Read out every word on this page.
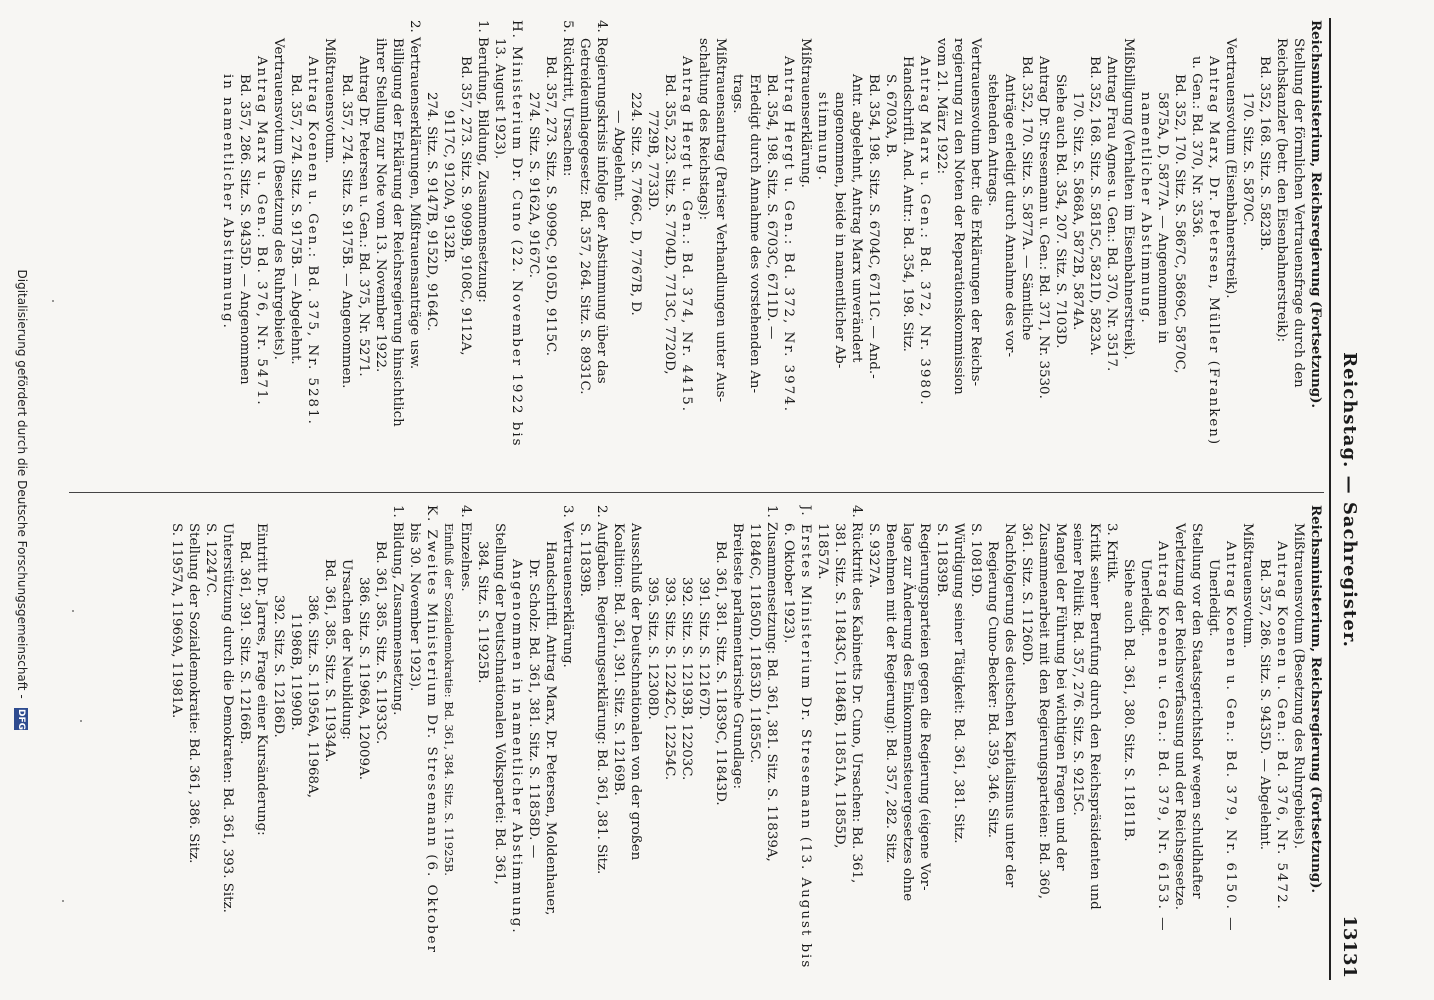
Reichstag. — Sachregister.
13131
Reichsministerium, Reichsregierung (Fortsetzung).
Stellung der förmlichen Vertrauensfrage durch den
Reichskanzler (betr. den Eisenbahnerstreik):
Bd. 352, 168. Sitz. S. 5823B.
170. Sitz. S. 5870C.
Vertrauensvotum (Eisenbahnerstreik).
Antrag Marx, Dr. Petersen, Müller (Franken)
u. Gen.: Bd. 370, Nr. 3536.
Bd. 352, 170. Sitz. S. 5867C, 5869C, 5870C,
5875A, D, 5877A. — Angenommen in
namentlicher Abstimmung.
Mißbilligung (Verhalten im Eisenbahnerstreik).
Antrag Frau Agnes u. Gen.: Bd. 370, Nr. 3517.
Bd. 352, 168. Sitz. S. 5815C, 5821D, 5823A.
170. Sitz. S. 5868A, 5872B, 5874A.
Siehe auch Bd. 354, 207. Sitz. S. 7103D.
Antrag Dr. Stresemann u. Gen.: Bd. 371, Nr. 3530.
Bd. 352, 170. Sitz. S. 5877A. — Sämtliche
Anträge erledigt durch Annahme des vor-
stehenden Antrags.
Vertrauensvotum betr. die Erklärungen der Reichs-
regierung zu den Noten der Reparationskommission
vom 21. März 1922:
Antrag Marx u. Gen.: Bd. 372, Nr. 3980.
Handschriftl. And. Antr.: Bd. 354, 198. Sitz.
S. 6703A, B.
Bd. 354, 198. Sitz. S. 6704C, 6711C. — And.-
Antr. abgelehnt, Antrag Marx unverändert
angenommen, beide in namentlicher Ab-
stimmung.
Mißtrauenserklärung.
Antrag Hergt u. Gen.: Bd. 372, Nr. 3974.
Bd. 354, 198. Sitz. S. 6703C, 6711D. —
Erledigt durch Annahme des vorstehenden An-
trags.
Mißtrauensantrag (Pariser Verhandlungen unter Aus-
schaltung des Reichstags):
Antrag Hergt u. Gen.: Bd. 374, Nr. 4415.
Bd. 355, 223. Sitz. S. 7704D, 7713C, 7720D,
7729B, 7733D.
224. Sitz. S. 7766C, D, 7767B, D.
— Abgelehnt.
4. Regierungskrisis infolge der Abstimmung über das
Getreideumlagegesetz: Bd. 357, 264. Sitz. S. 8931C.
5. Rücktritt, Ursachen:
Bd. 357, 273. Sitz. S. 9099C, 9105D, 9115C.
274. Sitz. S. 9162A, 9167C.
H. Ministerium Dr. Cuno (22. November 1922 bis
13. August 1923).
1. Berufung, Bildung, Zusammensetzung:
Bd. 357, 273. Sitz. S. 9099B, 9108C, 9112A,
9117C, 9120A, 9132B.
274. Sitz. S. 9147B, 9152D, 9164C.
2. Vertrauenserklärungen, Mißtrauensanträge usw.
Billigung der Erklärung der Reichsregierung hinsichtlich
ihrer Stellung zur Note vom 13. November 1922.
Antrag Dr. Petersen u. Gen.: Bd. 375, Nr. 5271.
Bd. 357, 274. Sitz. S. 9175B. — Angenommen.
Mißtrauensvotum.
Antrag Koenen u. Gen.: Bd. 375, Nr. 5281.
Bd. 357, 274. Sitz. S. 9175B. — Abgelehnt.
Vertrauensvotum (Besetzung des Ruhrgebiets).
Antrag Marx u. Gen.: Bd. 376, Nr. 5471.
Bd. 357, 286. Sitz. S. 9435D. — Angenommen
in namentlicher Abstimmung.
Reichsministerium, Reichsregierung (Fortsetzung).
Mißtrauensvotum (Besetzung des Ruhrgebiets).
Antrag Koenen u. Gen.: Bd. 376, Nr. 5472.
Bd. 357, 286. Sitz. S. 9435D. — Abgelehnt.
Mißtrauensvotum.
Antrag Koenen u. Gen.: Bd. 379, Nr. 6150. —
Unerledigt.
Stellung vor den Staatsgerichtshof wegen schuldhafter
Verletzung der Reichsverfassung und der Reichsgesetze.
Antrag Koenen u. Gen.: Bd. 379, Nr. 6153. —
Unerledigt.
Siehe auch Bd. 361, 380. Sitz. S. 11811B.
3. Kritik.
Kritik seiner Berufung durch den Reichspräsidenten und
seiner Politik: Bd. 357, 276. Sitz. S. 9215C.
Mangel der Führung bei wichtigen Fragen und der
Zusammenarbeit mit den Regierungsparteien: Bd. 360,
361. Sitz. S. 11260D.
Nachfolgerung des deutschen Kapitalismus unter der
Regierung Cuno-Becker: Bd. 359, 346. Sitz.
S. 10819D.
Würdigung seiner Tätigkeit: Bd. 361, 381. Sitz.
S. 11839B.
Regierungsparteien gegen die Regierung (eigene Vor-
lage zur Änderung des Einkommensteuergesetzes ohne
Benehmen mit der Regierung): Bd. 357, 282. Sitz.
S. 9327A.
4. Rücktritt des Kabinetts Dr. Cuno, Ursachen: Bd. 361,
381. Sitz. S. 11843C, 11846B, 11851A, 11855D,
11857A.
J. Erstes Ministerium Dr. Stresemann (13. August bis
6. Oktober 1923).
1. Zusammensetzung: Bd. 361, 381. Sitz. S. 11839A,
11846C, 11850D, 11853D, 11855C.
Breiteste parlamentarische Grundlage:
Bd. 361, 381. Sitz. S. 11839C, 11843D.
391. Sitz. S. 12167D.
392. Sitz. S. 12193B, 12203C.
393. Sitz. S. 12242C, 12254C.
395. Sitz. S. 12308D.
Ausschluß der Deutschnationalen von der großen
Koalition: Bd. 361, 391. Sitz. S. 12169B.
2. Aufgaben. Regierungserklärung: Bd. 361, 381. Sitz.
S. 11839B.
3. Vertrauenserklärung.
Handschriftl. Antrag Marx, Dr. Petersen, Moldenhauer,
Dr. Scholz: Bd. 361, 381. Sitz. S. 11858D. —
Angenommen in namentlicher Abstimmung.
Stellung der Deutschnationalen Volkspartei: Bd. 361,
384. Sitz. S. 11925B.
4. Einzelnes.
Einfluß der Sozialdemokratie: Bd. 361, 384. Sitz. S. 11925B.
K. Zweites Ministerium Dr. Stresemann (6. Oktober
bis 30. November 1923).
1. Bildung, Zusammensetzung.
Bd. 361, 385. Sitz. S. 11933C.
386. Sitz. S. 11968A, 12009A.
Ursachen der Neubildung:
Bd. 361, 385. Sitz. S. 11934A.
386. Sitz. S. 11956A, 11968A,
11986B, 11990B.
392. Sitz. S. 12186D.
Eintritt Dr. Jarres, Frage einer Kursänderung:
Bd. 361, 391. Sitz. S. 12166B.
Unterstützung durch die Demokraten: Bd. 361, 393. Sitz.
S. 12247C.
Stellung der Sozialdemokratie: Bd. 361, 386. Sitz.
S. 11957A, 11969A, 11981A.
Digitalisierung gefördert durch die Deutsche Forschungsgemeinschaft - DFG
